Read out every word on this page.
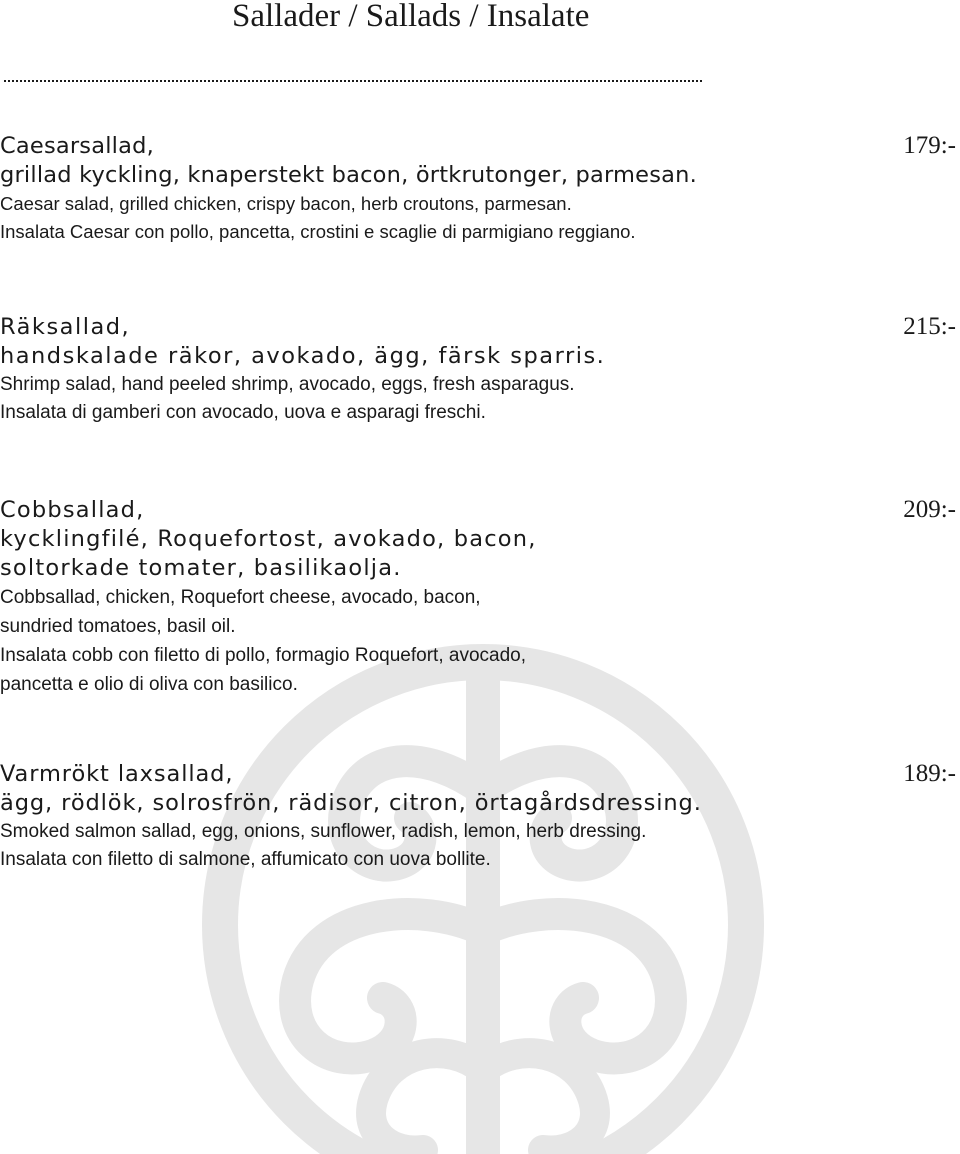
Sallader / Sallads / Insalate
Caesarsallad,
grillad kyckling, knaperstekt bacon, örtkrutonger, parmesan.
Caesar salad, grilled chicken, crispy bacon, herb croutons, parmesan.
Insalata Caesar con pollo, pancetta, crostini e scaglie di parmigiano reggiano.
179:-
Räksallad,
handskalade räkor, avokado, ägg, färsk sparris.
Shrimp salad, hand peeled shrimp, avocado, eggs, fresh asparagus.
Insalata di gamberi con avocado, uova e asparagi freschi.
215:-
Cobbsallad,
kycklingfilé, Roquefortost, avokado, bacon,
soltorkade tomater, basilikaolja.
Cobbsallad, chicken, Roquefort cheese, avocado, bacon,
sundried tomatoes, basil oil.
Insalata cobb con filetto di pollo, formagio Roquefort, avocado,
pancetta e olio di oliva con basilico.
209:-
Varmrökt laxsallad,
ägg, rödlök, solrosfrön, rädisor, citron, örtagårdsdressing.
Smoked salmon sallad, egg, onions, sunflower, radish, lemon, herb dressing.
Insalata con filetto di salmone, affumicato con uova bollite.
189:-
